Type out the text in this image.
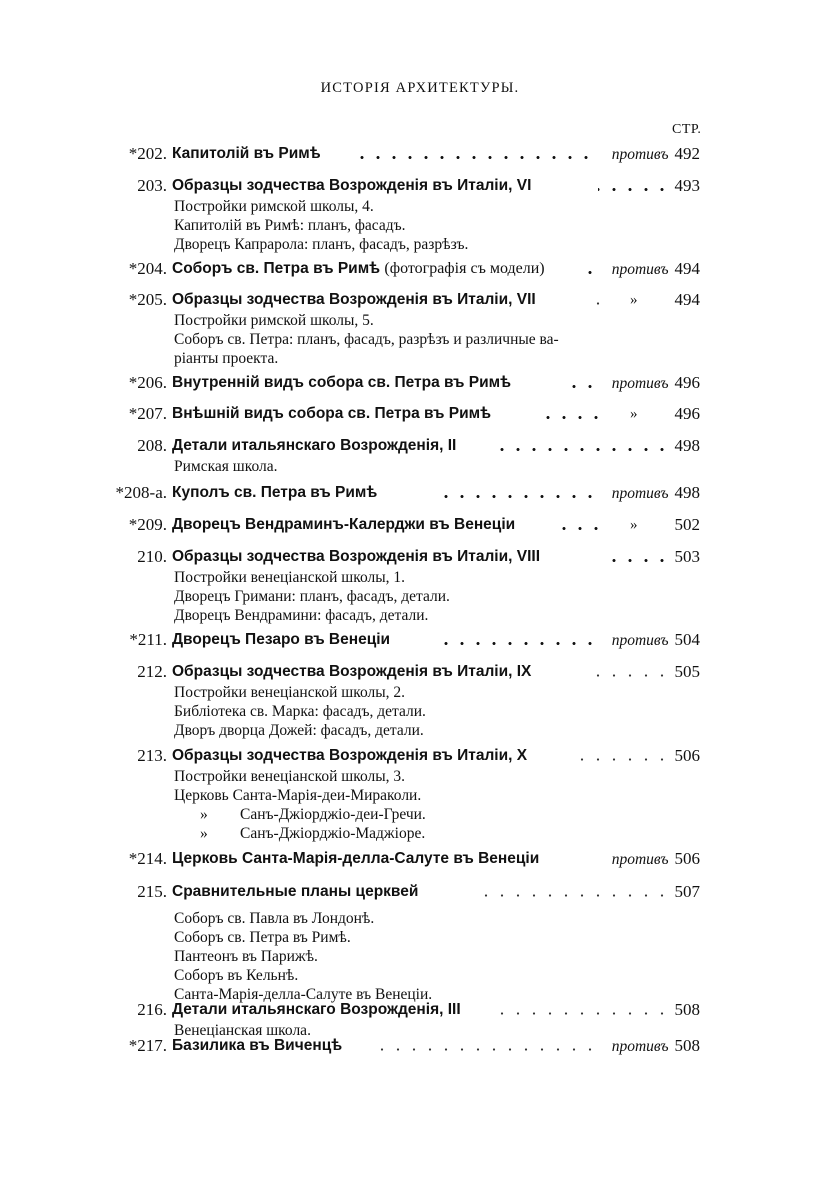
ИСТОРІЯ АРХИТЕКТУРЫ.
СТР.
*202. Капитолій въ Римѣ	противъ 492
203. Образцы зодчества Возрожденія въ Италіи, VI	493
Постройки римской школы, 4.
Капитолій въ Римѣ: планъ, фасадъ.
Дворецъ Капрарола: планъ, фасадъ, разрѣзъ.
*204. Соборъ св. Петра въ Римѣ (фотографія съ модели)	противъ 494
*205. Образцы зодчества Возрожденія въ Италіи, VII	» 494
Постройки римской школы, 5.
Соборъ св. Петра: планъ, фасадъ, разрѣзъ и различные ва-
ріанты проекта.
*206. Внутренній видъ собора св. Петра въ Римѣ	противъ 496
*207. Внѣшній видъ собора св. Петра въ Римѣ	» 496
208. Детали итальянскаго Возрожденія, II	498
Римская школа.
*208-а. Куполъ св. Петра въ Римѣ	противъ 498
*209. Дворецъ Вендраминъ-Калерджи въ Венеціи	» 502
210. Образцы зодчества Возрожденія въ Италіи, VIII	503
Постройки венеціанской школы, 1.
Дворецъ Гримани: планъ, фасадъ, детали.
Дворецъ Вендрамини: фасадъ, детали.
*211. Дворецъ Пезаро въ Венеціи	противъ 504
212. Образцы зодчества Возрожденія въ Италіи, IX	505
Постройки венеціанской школы, 2.
Библіотека св. Марка: фасадъ, детали.
Дворъ дворца Дожей: фасадъ, детали.
213. Образцы зодчества Возрожденія въ Италіи, X	506
Постройки венеціанской школы, 3.
Церковь Санта-Марія-деи-Мираколи.
» Санъ-Джіорджіо-деи-Гречи.
» Санъ-Джіорджіо-Маджіоре.
*214. Церковь Санта-Марія-делла-Салуте въ Венеціи	противъ 506
215. Сравнительные планы церквей	507
Соборъ св. Павла въ Лондонѣ.
Соборъ св. Петра въ Римѣ.
Пантеонъ въ Парижѣ.
Соборъ въ Кельнѣ.
Санта-Марія-делла-Салуте въ Венеціи.
216. Детали итальянскаго Возрожденія, III	508
Венеціанская школа.
*217. Базилика въ Виченцѣ	противъ 508
